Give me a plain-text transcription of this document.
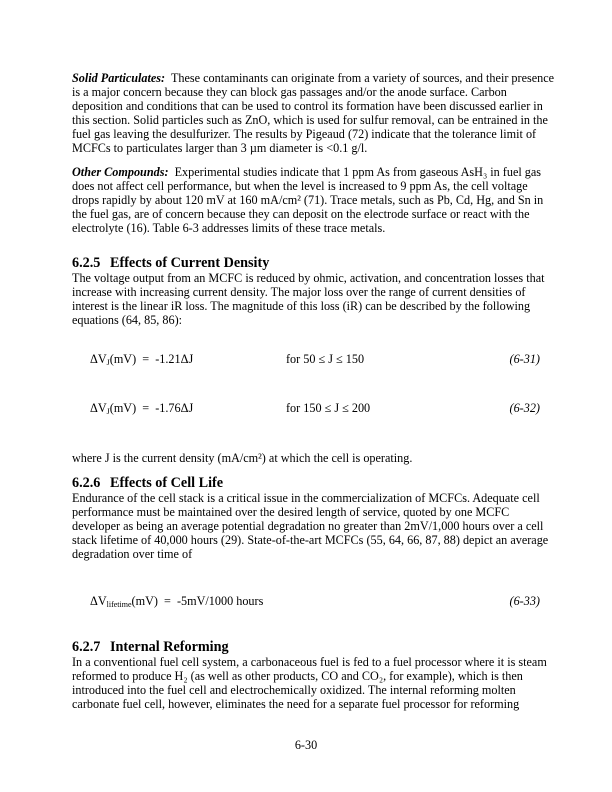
Solid Particulates:  These contaminants can originate from a variety of sources, and their presence
is a major concern because they can block gas passages and/or the anode surface. Carbon
deposition and conditions that can be used to control its formation have been discussed earlier in
this section. Solid particles such as ZnO, which is used for sulfur removal, can be entrained in the
fuel gas leaving the desulfurizer. The results by Pigeaud (72) indicate that the tolerance limit of
MCFCs to particulates larger than 3 µm diameter is <0.1 g/l.
Other Compounds:  Experimental studies indicate that 1 ppm As from gaseous AsH₃ in fuel gas
does not affect cell performance, but when the level is increased to 9 ppm As, the cell voltage
drops rapidly by about 120 mV at 160 mA/cm² (71). Trace metals, such as Pb, Cd, Hg, and Sn in
the fuel gas, are of concern because they can deposit on the electrode surface or react with the
electrolyte (16). Table 6-3 addresses limits of these trace metals.
6.2.5 Effects of Current Density
The voltage output from an MCFC is reduced by ohmic, activation, and concentration losses that
increase with increasing current density. The major loss over the range of current densities of
interest is the linear iR loss. The magnitude of this loss (iR) can be described by the following
equations (64, 85, 86):
$\Delta V_J(mV) = -1.21\Delta J$	for 50 ≤ J ≤ 150	(6-31)
$\Delta V_J(mV) = -1.76\Delta J$	for 150 ≤ J ≤ 200	(6-32)
where J is the current density (mA/cm²) at which the cell is operating.
6.2.6 Effects of Cell Life
Endurance of the cell stack is a critical issue in the commercialization of MCFCs. Adequate cell
performance must be maintained over the desired length of service, quoted by one MCFC
developer as being an average potential degradation no greater than 2mV/1,000 hours over a cell
stack lifetime of 40,000 hours (29). State-of-the-art MCFCs (55, 64, 66, 87, 88) depict an average
degradation over time of
$\Delta V_{lifetime}(mV) = -5mV/1000$ hours	(6-33)
6.2.7 Internal Reforming
In a conventional fuel cell system, a carbonaceous fuel is fed to a fuel processor where it is steam
reformed to produce H₂ (as well as other products, CO and CO₂, for example), which is then
introduced into the fuel cell and electrochemically oxidized. The internal reforming molten
carbonate fuel cell, however, eliminates the need for a separate fuel processor for reforming
6-30
